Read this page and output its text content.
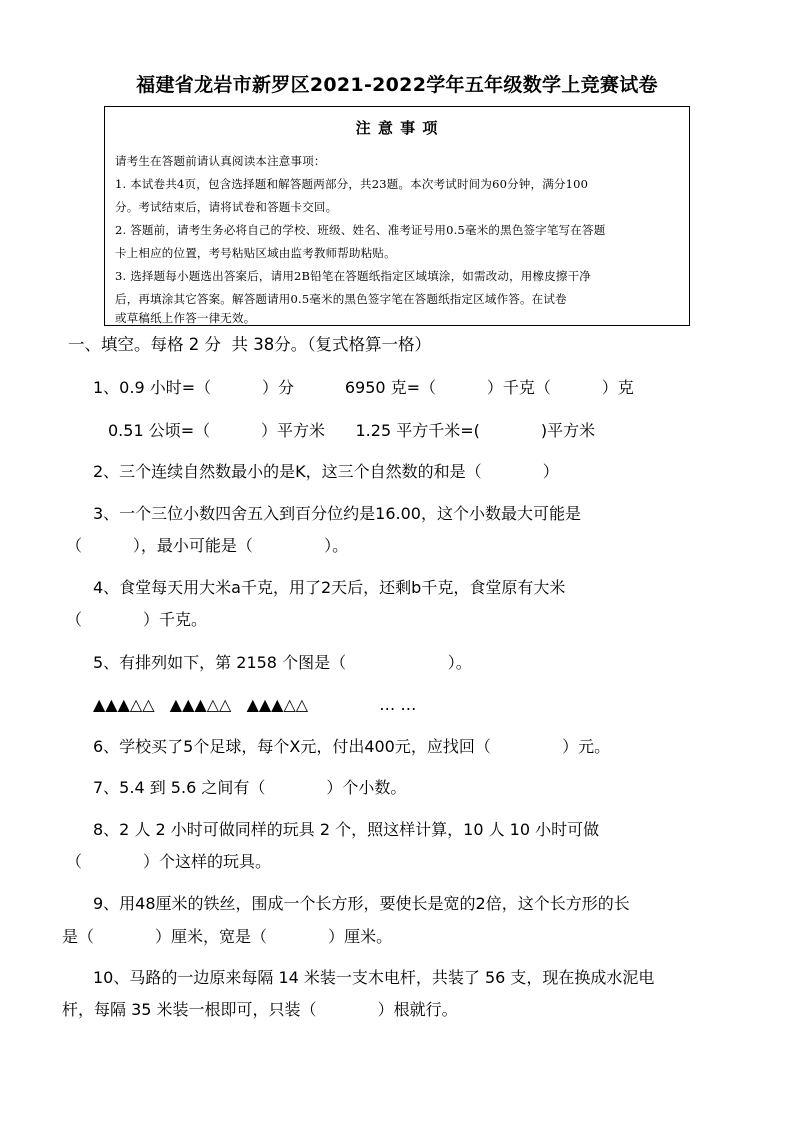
福建省龙岩市新罗区2021-2022学年五年级数学上竞赛试卷
注 意 事 项
请考生在答题前请认真阅读本注意事项：
1. 本试卷共4页，包含选择题和解答题两部分，共23题。本次考试时间为60分钟，满分100
分。考试结束后，请将试卷和答题卡交回。
2. 答题前，请考生务必将自己的学校、班级、姓名、准考证号用0.5毫米的黑色签字笔写在答题
卡上相应的位置，考号粘贴区域由监考教师帮助粘贴。
3. 选择题每小题选出答案后，请用2B铅笔在答题纸指定区域填涂，如需改动，用橡皮擦干净
后，再填涂其它答案。解答题请用0.5毫米的黑色签字笔在答题纸指定区域作答。在试卷
或草稿纸上作答一律无效。
一、填空。每格 2 分  共 38分。（复式格算一格）
1、0.9 小时=（          ）分          6950 克=（          ）千克（          ）克
0.51 公顷=（          ）平方米      1.25 平方千米=(            )平方米
2、三个连续自然数最小的是K，这三个自然数的和是（            ）
3、一个三位小数四舍五入到百分位约是16.00，这个小数最大可能是
（          ），最小可能是（              ）。
4、食堂每天用大米a千克，用了2天后，还剩b千克，食堂原有大米
（            ）千克。
5、有排列如下，第 2158 个图是（                    ）。
▲▲▲△△   ▲▲▲△△   ▲▲▲△△              … …
6、学校买了5个足球，每个X元，付出400元，应找回（              ）元。
7、5.4 到 5.6 之间有（            ）个小数。
8、2 人 2 小时可做同样的玩具 2 个，照这样计算，10 人 10 小时可做
（            ）个这样的玩具。
9、用48厘米的铁丝，围成一个长方形，要使长是宽的2倍，这个长方形的长
是（            ）厘米，宽是（            ）厘米。
10、马路的一边原来每隔 14 米装一支木电杆，共装了 56 支，现在换成水泥电
杆，每隔 35 米装一根即可，只装（            ）根就行。
